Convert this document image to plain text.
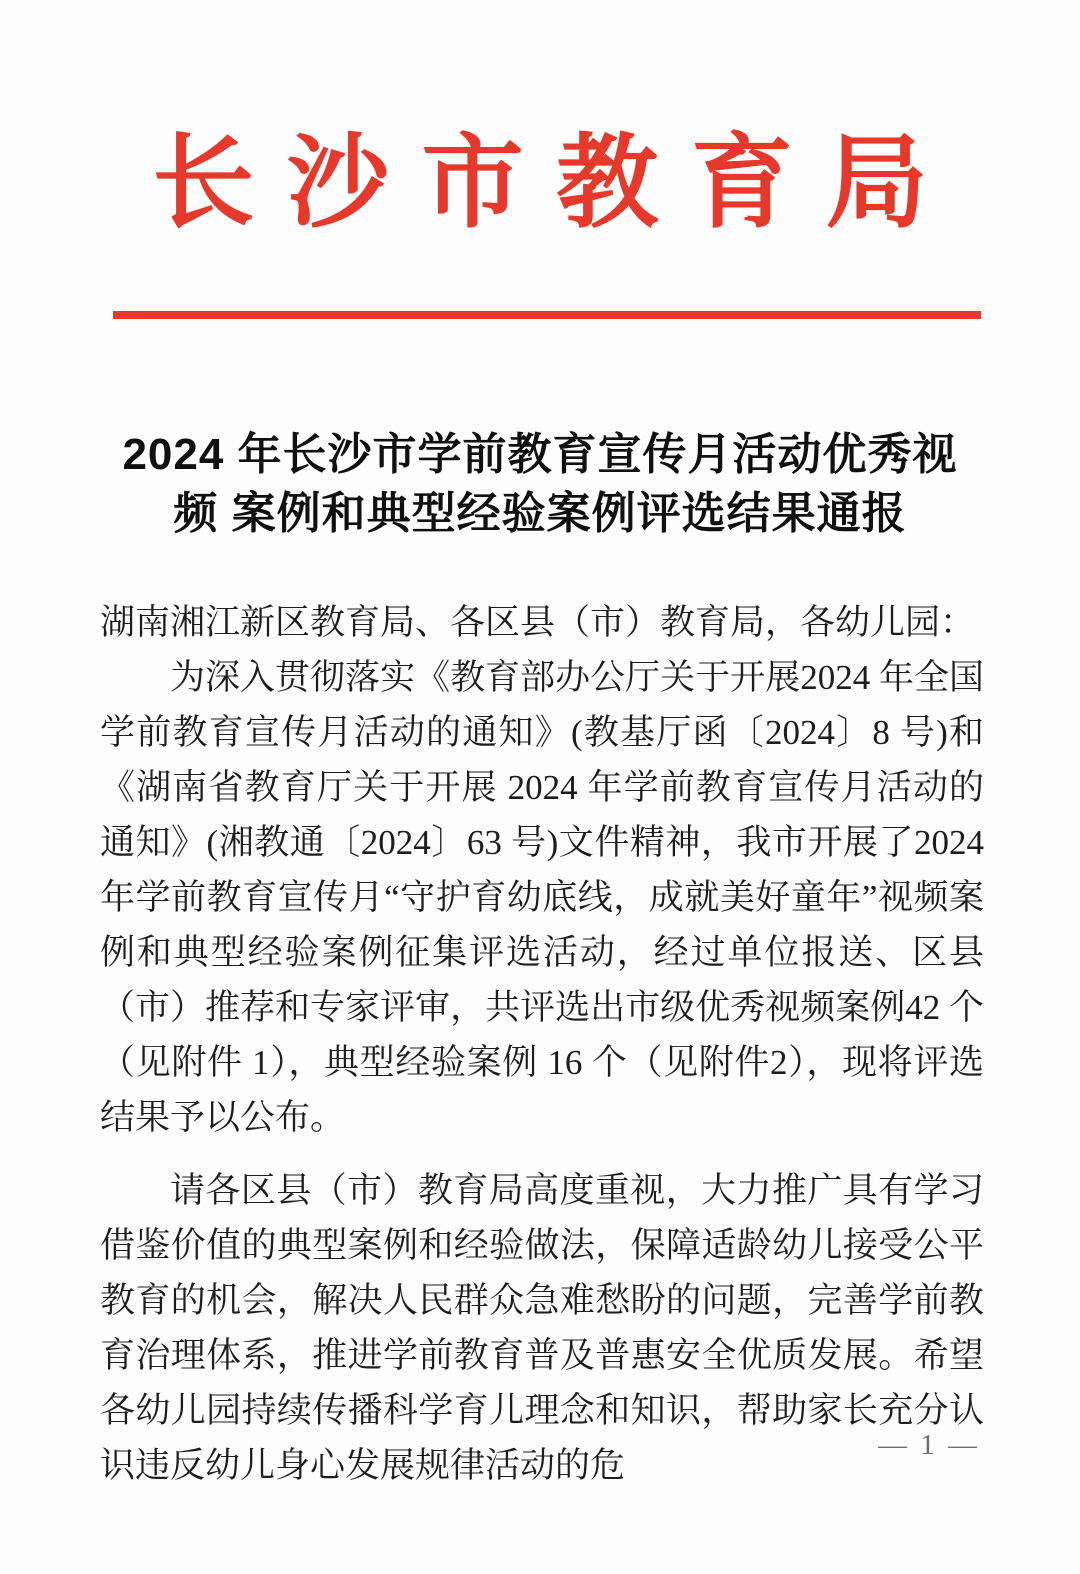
长沙市教育局
2024 年长沙市学前教育宣传月活动优秀视
频 案例和典型经验案例评选结果通报

湖南湘江新区教育局、各区县（市）教育局，各幼儿园：

为深入贯彻落实《教育部办公厅关于开展2024 年全国学前教育宣传月活动的通知》(教基厅函〔2024〕8 号)和《湖南省教育厅关于开展 2024 年学前教育宣传月活动的通知》(湘教通〔2024〕63 号)文件精神，我市开展了2024 年学前教育宣传月“守护育幼底线，成就美好童年”视频案例和典型经验案例征集评选活动，经过单位报送、区县（市）推荐和专家评审，共评选出市级优秀视频案例42 个（见附件 1），典型经验案例 16 个（见附件2），现将评选结果予以公布。

请各区县（市）教育局高度重视，大力推广具有学习借鉴价值的典型案例和经验做法，保障适龄幼儿接受公平教育的机会，解决人民群众急难愁盼的问题，完善学前教育治理体系，推进学前教育普及普惠安全优质发展。希望各幼儿园持续传播科学育儿理念和知识，帮助家长充分认识违反幼儿身心发展规律活动的危

— 1 —
